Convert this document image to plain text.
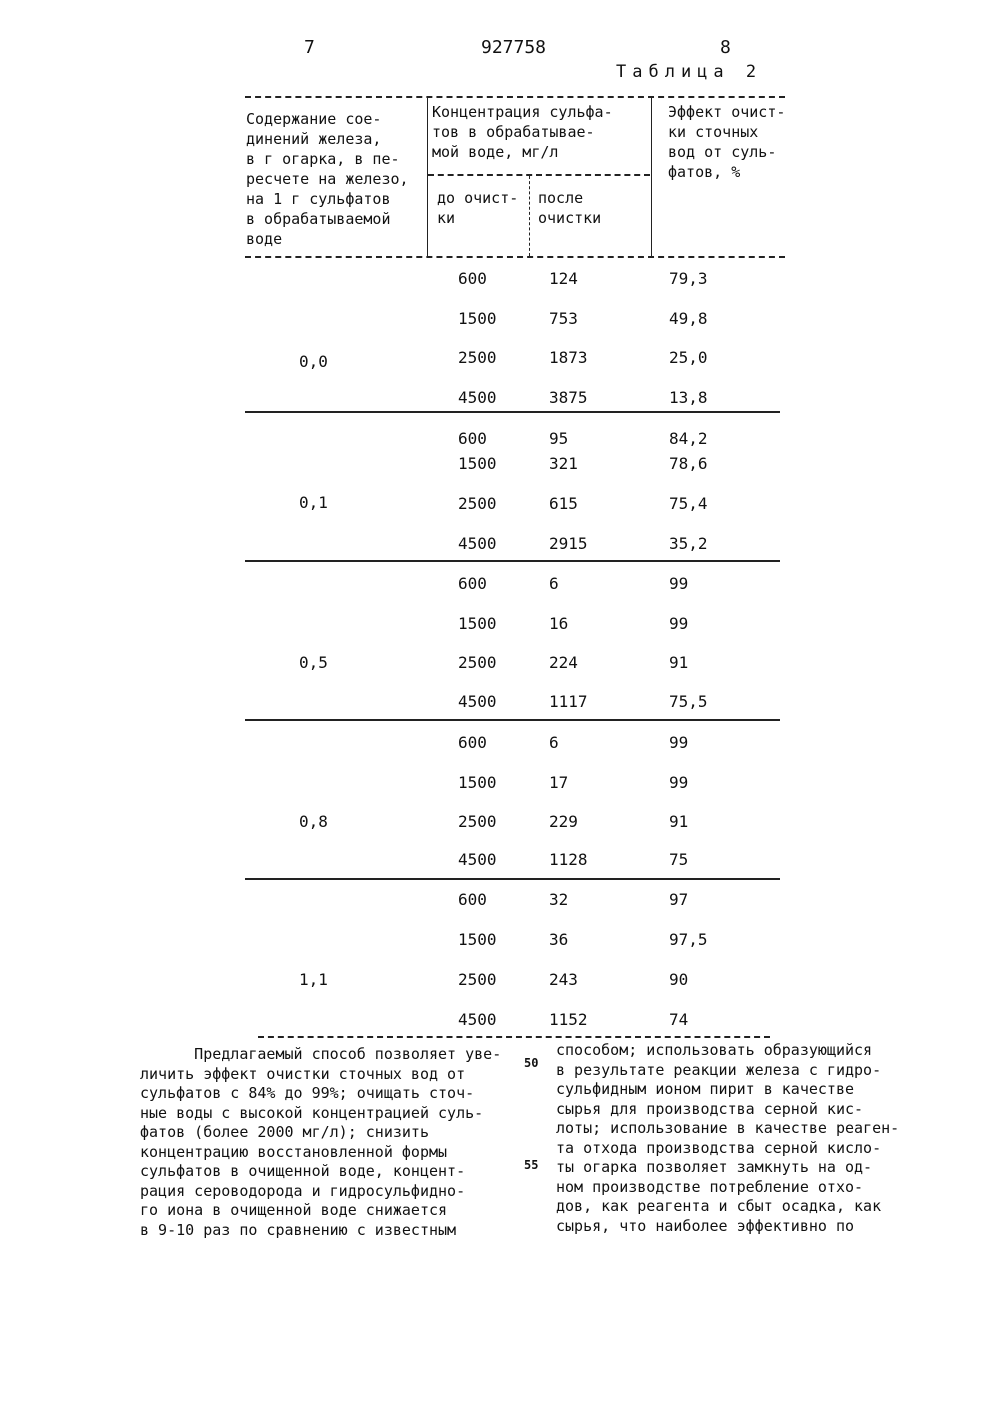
7	927758	8
Таблица 2
Содержание сое-
динений железа,
в г огарка, в пе-
ресчете на железо,
на 1 г сульфатов
в обрабатываемой
воде
Концентрация сульфа-
тов в обрабатывае-
мой воде, мг/л
до очист-
ки
после
очистки
Эффект очист-
ки сточных
вод от суль-
фатов, %
0,0
600	124	79,3
1500	753	49,8
2500	1873	25,0
4500	3875	13,8
0,1
600	95	84,2
1500	321	78,6
2500	615	75,4
4500	2915	35,2
0,5
600	6	99
1500	16	99
2500	224	91
4500	1117	75,5
0,8
600	6	99
1500	17	99
2500	229	91
4500	1128	75
1,1
600	32	97
1500	36	97,5
2500	243	90
4500	1152	74
Предлагаемый способ позволяет уве-
личить эффект очистки сточных вод от
сульфатов с 84% до 99%; очищать сточ-
ные воды с высокой концентрацией суль-
фатов (более 2000 мг/л); снизить
концентрацию восстановленной формы
сульфатов в очищенной воде, концент-
рация сероводорода и гидросульфидно-
го иона в очищенной воде снижается
в 9-10 раз по сравнению с известным
50
55
способом; использовать образующийся
в результате реакции железа с гидро-
сульфидным ионом пирит в качестве
сырья для производства серной кис-
лоты; использование в качестве реаген-
та отхода производства серной кисло-
ты огарка позволяет замкнуть на од-
ном производстве потребление отхо-
дов, как реагента и сбыт осадка, как
сырья, что наиболее эффективно по
